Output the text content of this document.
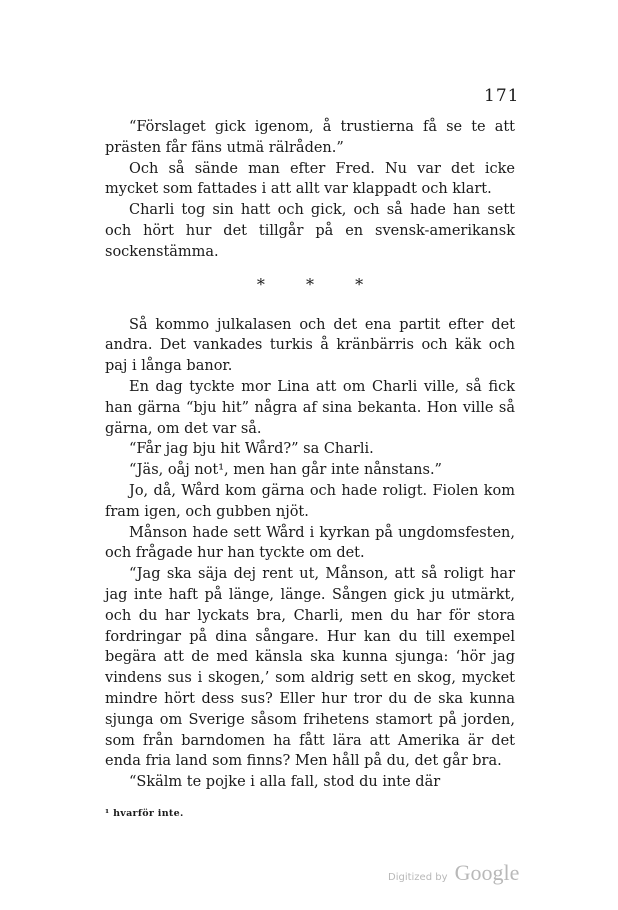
171

“Förslaget gick igenom, å trustierna få se te att prästen får fäns utmä rälråden.”

Och så sände man efter Fred. Nu var det icke mycket som fattades i att allt var klappadt och klart.

Charli tog sin hatt och gick, och så hade han sett och hört hur det tillgår på en svensk-amerikansk sockenstämma.

* * *

Så kommo julkalasen och det ena partit efter det andra. Det vankades turkis å kränbärris och käk och paj i långa banor.

En dag tyckte mor Lina att om Charli ville, så fick han gärna “bju hit” några af sina bekanta. Hon ville så gärna, om det var så.

“Får jag bju hit Wård?” sa Charli.

“Jäs, oåj not¹, men han går inte nånstans.”

Jo, då, Wård kom gärna och hade roligt. Fiolen kom fram igen, och gubben njöt.

Månson hade sett Wård i kyrkan på ungdomsfesten, och frågade hur han tyckte om det.

“Jag ska säja dej rent ut, Månson, att så roligt har jag inte haft på länge, länge. Sången gick ju utmärkt, och du har lyckats bra, Charli, men du har för stora fordringar på dina sångare. Hur kan du till exempel begära att de med känsla ska kunna sjunga: ‘hör jag vindens sus i skogen,’ som aldrig sett en skog, mycket mindre hört dess sus? Eller hur tror du de ska kunna sjunga om Sverige såsom frihetens stamort på jorden, som från barndomen ha fått lära att Amerika är det enda fria land som finns? Men håll på du, det går bra.

“Skälm te pojke i alla fall, stod du inte där

¹ hvarför inte.
Digitized by Google
